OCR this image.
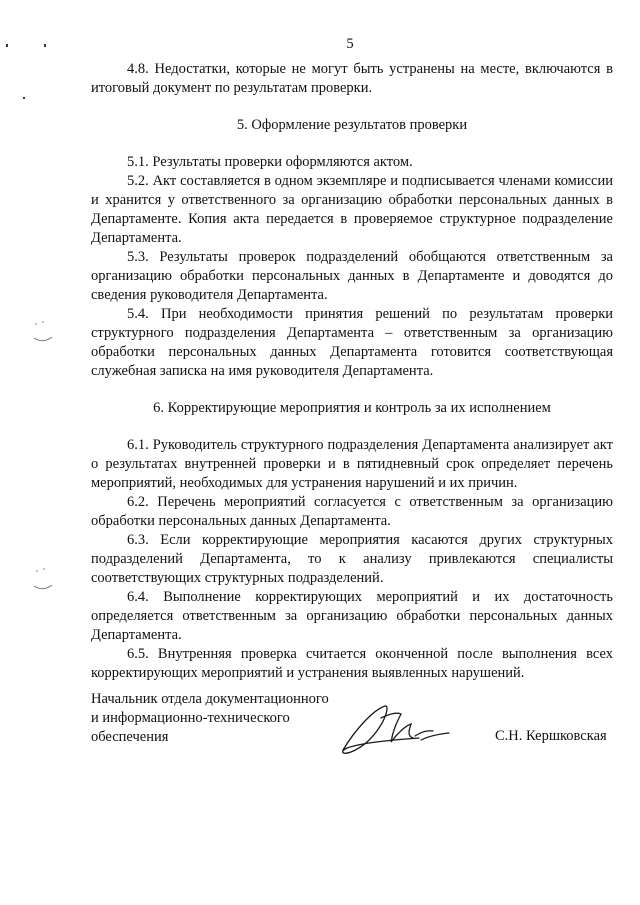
5

4.8. Недостатки, которые не могут быть устранены на месте, включаются в итоговый документ по результатам проверки.

5. Оформление результатов проверки

5.1. Результаты проверки оформляются актом.

5.2. Акт составляется в одном экземпляре и подписывается членами комиссии и хранится у ответственного за организацию обработки персональных данных в Департаменте. Копия акта передается в проверяемое структурное подразделение Департамента.

5.3. Результаты проверок подразделений обобщаются ответственным за организацию обработки персональных данных в Департаменте и доводятся до сведения руководителя Департамента.

5.4. При необходимости принятия решений по результатам проверки структурного подразделения Департамента – ответственным за организацию обработки персональных данных Департамента готовится соответствующая служебная записка на имя руководителя Департамента.

6. Корректирующие мероприятия и контроль за их исполнением

6.1. Руководитель структурного подразделения Департамента анализирует акт о результатах внутренней проверки и в пятидневный срок определяет перечень мероприятий, необходимых для устранения нарушений и их причин.

6.2. Перечень мероприятий согласуется с ответственным за организацию обработки персональных данных Департамента.

6.3. Если корректирующие мероприятия касаются других структурных подразделений Департамента, то к анализу привлекаются специалисты соответствующих структурных подразделений.

6.4. Выполнение корректирующих мероприятий и их достаточность определяется ответственным за организацию обработки персональных данных Департамента.

6.5. Внутренняя проверка считается оконченной после выполнения всех корректирующих мероприятий и устранения выявленных нарушений.

Начальник отдела документационного
и информационно-технического
обеспечения	С.Н. Кершковская
